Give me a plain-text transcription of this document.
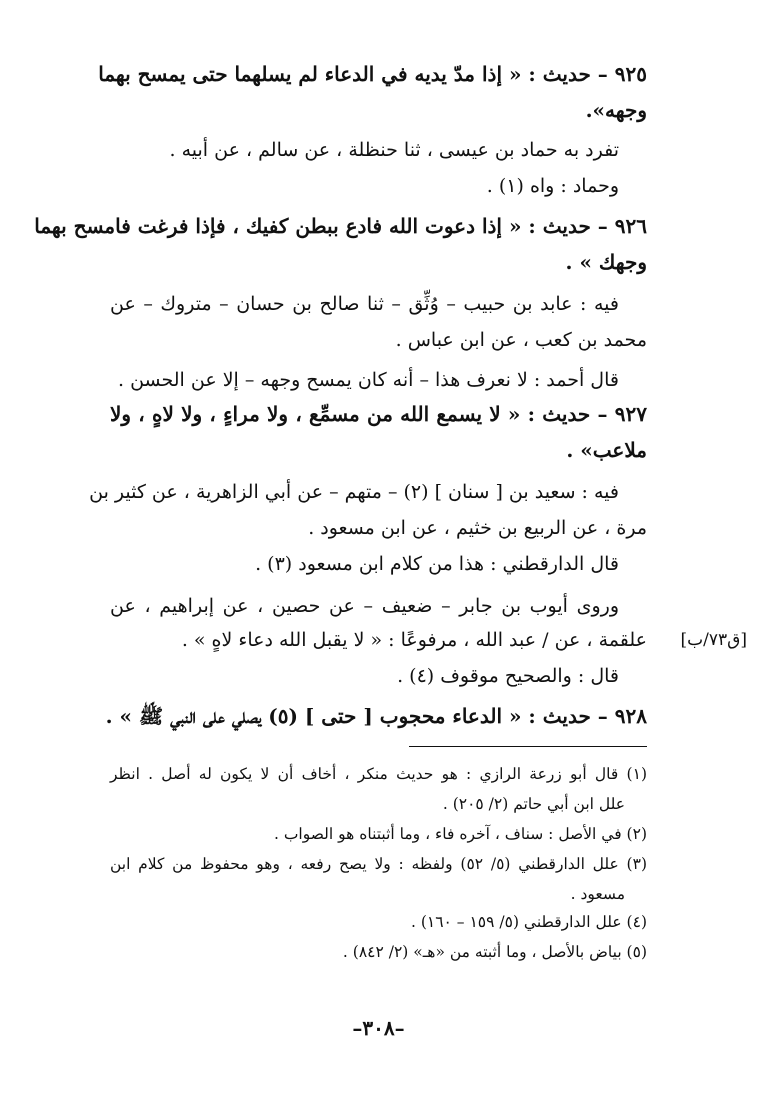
٩٢٥ – حديث : « إذا مدّ يديه في الدعاء لم يسلهما حتى يمسح بهما
وجهه».
تفرد به حماد بن عيسى ، ثنا حنظلة ، عن سالم ، عن أبيه .
وحماد : واه (١) .
٩٢٦ – حديث : « إذا دعوت الله فادع ببطن كفيك ، فإذا فرغت فامسح بهما
وجهك » .
فيه : عابد بن حبيب – وُثِّق – ثنا صالح بن حسان – متروك – عن
محمد بن كعب ، عن ابن عباس .
قال أحمد : لا نعرف هذا – أنه كان يمسح وجهه – إلا عن الحسن .
٩٢٧ – حديث : « لا يسمع الله من مسمِّع ، ولا مراءٍ ، ولا لاهٍ ، ولا
ملاعب» .
فيه : سعيد بن [ سنان ] (٢) – متهم – عن أبي الزاهرية ، عن كثير بن
مرة ، عن الربيع بن خثيم ، عن ابن مسعود .
قال الدارقطني : هذا من كلام ابن مسعود (٣) .
وروى أيوب بن جابر – ضعيف – عن حصين ، عن إبراهيم ، عن
علقمة ، عن / عبد الله ، مرفوعًا : « لا يقبل الله دعاء لاهٍ » .
قال : والصحيح موقوف (٤) .
٩٢٨ – حديث : « الدعاء محجوب [ حتى ] (٥) يصلي على النبي ﷺ » .
(١) قال أبو زرعة الرازي : هو حديث منكر ، أخاف أن لا يكون له أصل . انظر
علل ابن أبي حاتم (٢/ ٢٠٥) .
(٢) في الأصل : سناف ، آخره فاء ، وما أثبتناه هو الصواب .
(٣) علل الدارقطني (٥/ ٥٢) ولفظه : ولا يصح رفعه ، وهو محفوظ من كلام ابن
مسعود .
(٤) علل الدارقطني (٥/ ١٥٩ – ١٦٠) .
(٥) بياض بالأصل ، وما أثبته من «هـ» (٢/ ٨٤٢) .
[ق٧٣/ب]
–٣٠٨–
